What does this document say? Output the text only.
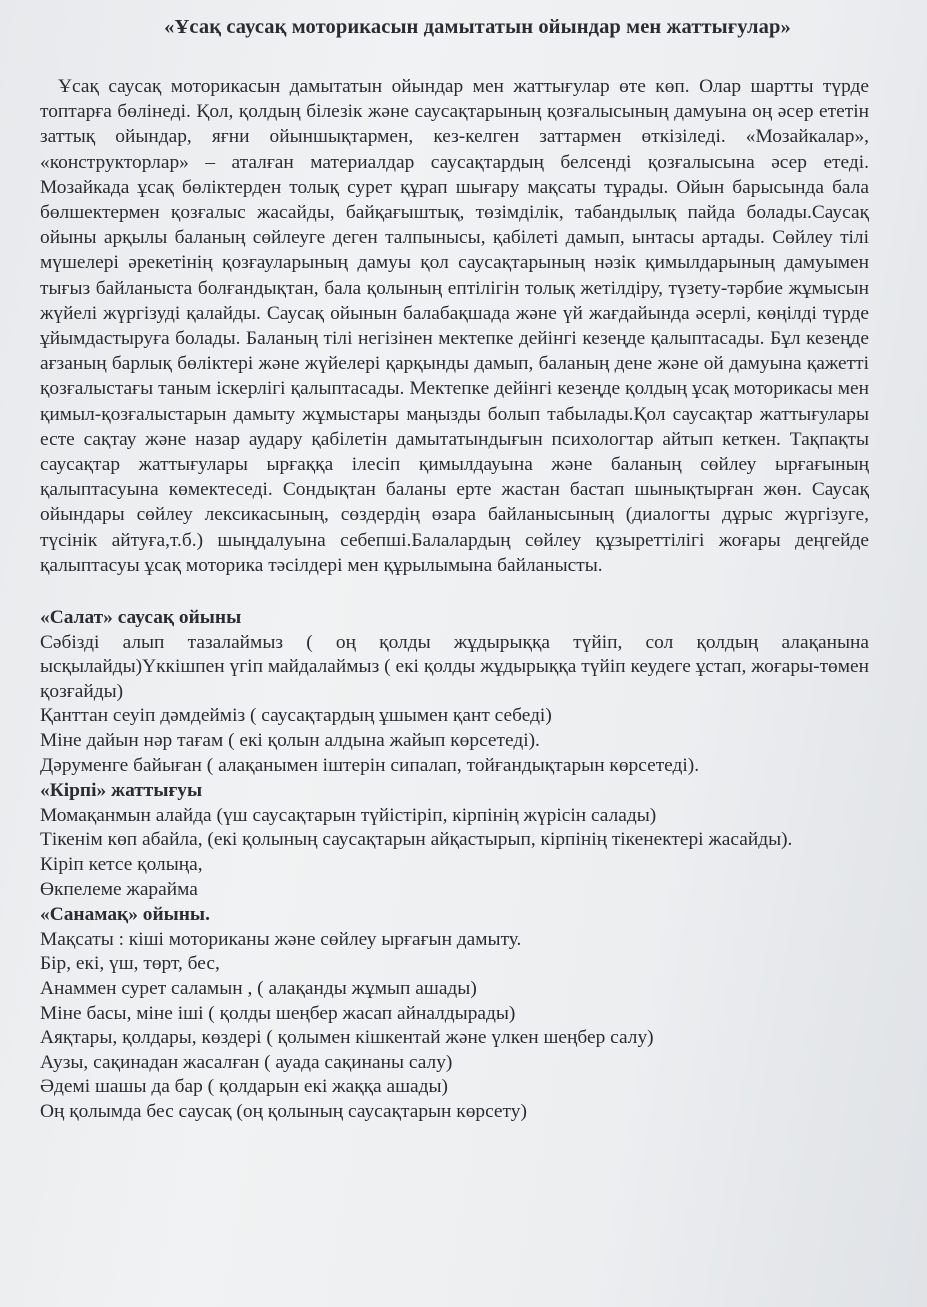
«Ұсақ саусақ моторикасын дамытатын ойындар мен жаттығулар»

Ұсақ саусақ моторикасын дамытатын ойындар мен жаттығулар өте көп. Олар шартты түрде топтарға бөлінеді. Қол, қолдың білезік және саусақтарының қозғалысының дамуына оң әсер ететін заттық ойындар, яғни ойыншықтармен, кез-келген заттармен өткізіледі. «Мозайкалар», «конструкторлар» – аталған материалдар саусақтардың белсенді қозғалысына әсер етеді. Мозайкада ұсақ бөліктерден толық сурет құрап шығару мақсаты тұрады. Ойын барысында бала бөлшектермен қозғалыс жасайды, байқағыштық, төзімділік, табандылық пайда болады.Саусақ ойыны арқылы баланың сөйлеуге деген талпынысы, қабілеті дамып, ынтасы артады. Сөйлеу тілі мүшелері әрекетінің қозғауларының дамуы қол саусақтарының нәзік қимылдарының дамуымен тығыз байланыста болғандықтан, бала қолының ептілігін толық жетілдіру, түзету-тәрбие жұмысын жүйелі жүргізуді қалайды. Саусақ ойынын балабақшада және үй жағдайында әсерлі, көңілді түрде ұйымдастыруға болады. Баланың тілі негізінен мектепке дейінгі кезеңде қалыптасады. Бұл кезеңде ағзаның барлық бөліктері және жүйелері қарқынды дамып, баланың дене және ой дамуына қажетті қозғалыстағы таным іскерлігі қалыптасады. Мектепке дейінгі кезеңде қолдың ұсақ моторикасы мен қимыл-қозғалыстарын дамыту жұмыстары маңызды болып табылады.Қол саусақтар жаттығулары есте сақтау және назар аудару қабілетін дамытатындығын психологтар айтып кеткен. Тақпақты саусақтар жаттығулары ырғаққа ілесіп қимылдауына және баланың сөйлеу ырғағының қалыптасуына көмектеседі. Сондықтан баланы ерте жастан бастап шынықтырған жөн. Саусақ ойындары сөйлеу лексикасының, сөздердің өзара байланысының (диалогты дұрыс жүргізуге, түсінік айтуға,т.б.) шыңдалуына себепші.Балалардың сөйлеу құзыреттілігі жоғары деңгейде қалыптасуы ұсақ моторика тәсілдері мен құрылымына байланысты.

«Салат» саусақ ойыны

Сәбізді алып тазалаймыз ( оң қолды жұдырыққа түйіп, сол қолдың алақанына ысқылайды)Үккішпен үгіп майдалаймыз ( екі қолды жұдырыққа түйіп кеудеге ұстап, жоғары-төмен қозғайды)

Қанттан сеуіп дәмдейміз ( саусақтардың ұшымен қант себеді)

Міне дайын нәр тағам ( екі қолын алдына жайып көрсетеді).

Дәруменге байыған ( алақанымен іштерін сипалап, тойғандықтарын көрсетеді).

«Кірпі» жаттығуы

Момақанмын алайда (үш саусақтарын түйістіріп, кірпінің жүрісін салады)

Тікенім көп абайла, (екі қолының саусақтарын айқастырып, кірпінің тікенектері жасайды).

Кіріп кетсе қолыңа,

Өкпелеме жарайма

«Санамақ» ойыны.

Мақсаты : кіші моториканы және сөйлеу ырғағын дамыту.

Бір, екі, үш, төрт, бес,

Анаммен сурет саламын , ( алақанды жұмып ашады)

Міне басы, міне іші ( қолды шеңбер жасап айналдырады)

Аяқтары, қолдары, көздері ( қолымен кішкентай және үлкен шеңбер салу)

Аузы, сақинадан жасалған ( ауада сақинаны салу)

Әдемі шашы да бар ( қолдарын екі жаққа ашады)

Оң қолымда бес саусақ (оң қолының саусақтарын көрсету)
